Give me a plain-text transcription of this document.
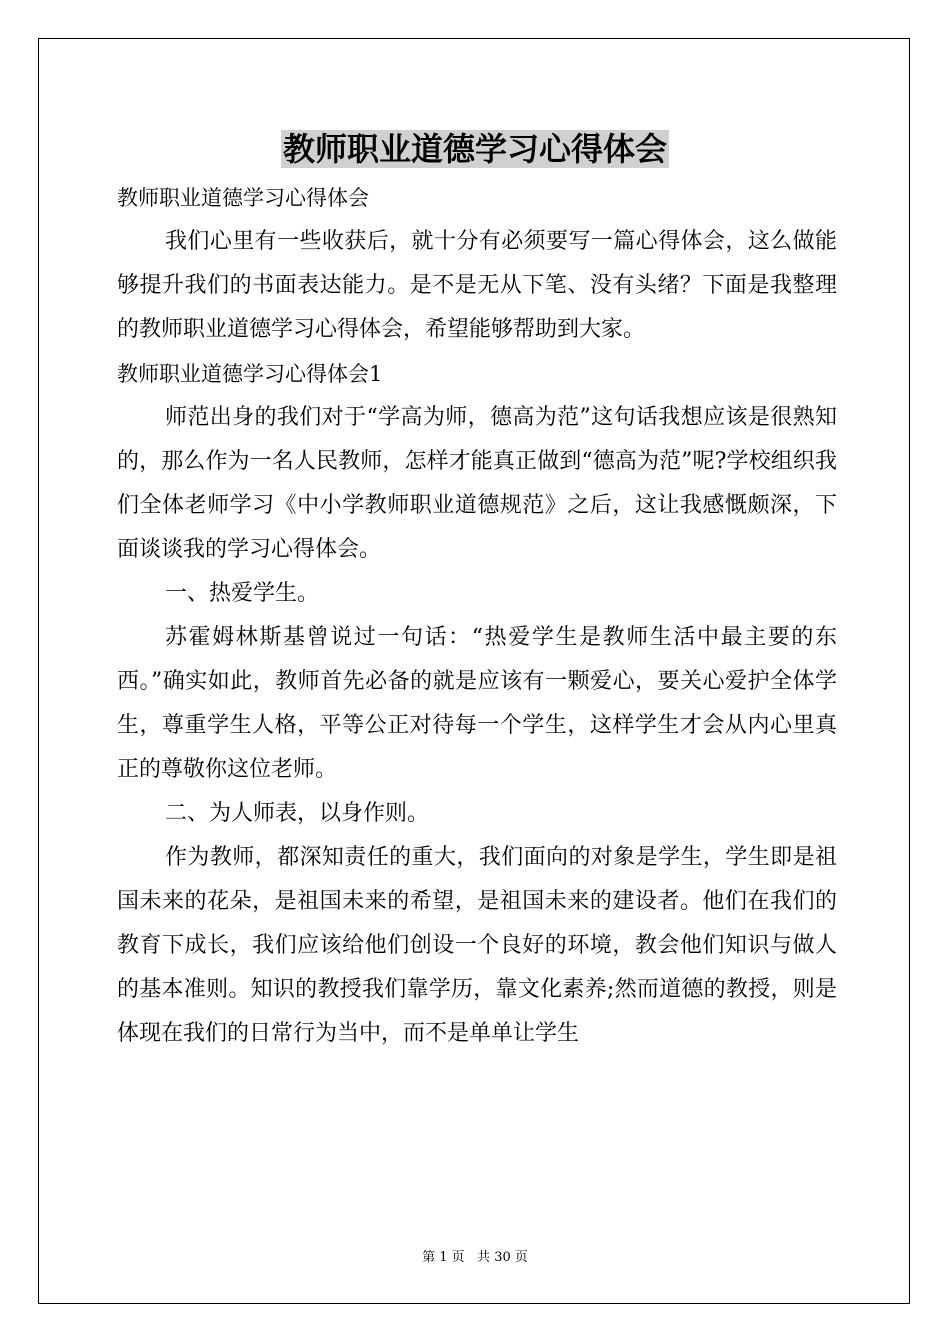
教师职业道德学习心得体会

教师职业道德学习心得体会

我们心里有一些收获后，就十分有必须要写一篇心得体会，这么做能够提升我们的书面表达能力。是不是无从下笔、没有头绪？下面是我整理的教师职业道德学习心得体会，希望能够帮助到大家。

教师职业道德学习心得体会1

师范出身的我们对于“学高为师，德高为范”这句话我想应该是很熟知的，那么作为一名人民教师，怎样才能真正做到“德高为范”呢?学校组织我们全体老师学习《中小学教师职业道德规范》之后，这让我感慨颇深，下面谈谈我的学习心得体会。

一、热爱学生。

苏霍姆林斯基曾说过一句话：“热爱学生是教师生活中最主要的东西。”确实如此，教师首先必备的就是应该有一颗爱心，要关心爱护全体学生，尊重学生人格，平等公正对待每一个学生，这样学生才会从内心里真正的尊敬你这位老师。

二、为人师表，以身作则。

作为教师，都深知责任的重大，我们面向的对象是学生，学生即是祖国未来的花朵，是祖国未来的希望，是祖国未来的建设者。他们在我们的教育下成长，我们应该给他们创设一个良好的环境，教会他们知识与做人的基本准则。知识的教授我们靠学历，靠文化素养;然而道德的教授，则是体现在我们的日常行为当中，而不是单单让学生

第 1 页   共 30 页
